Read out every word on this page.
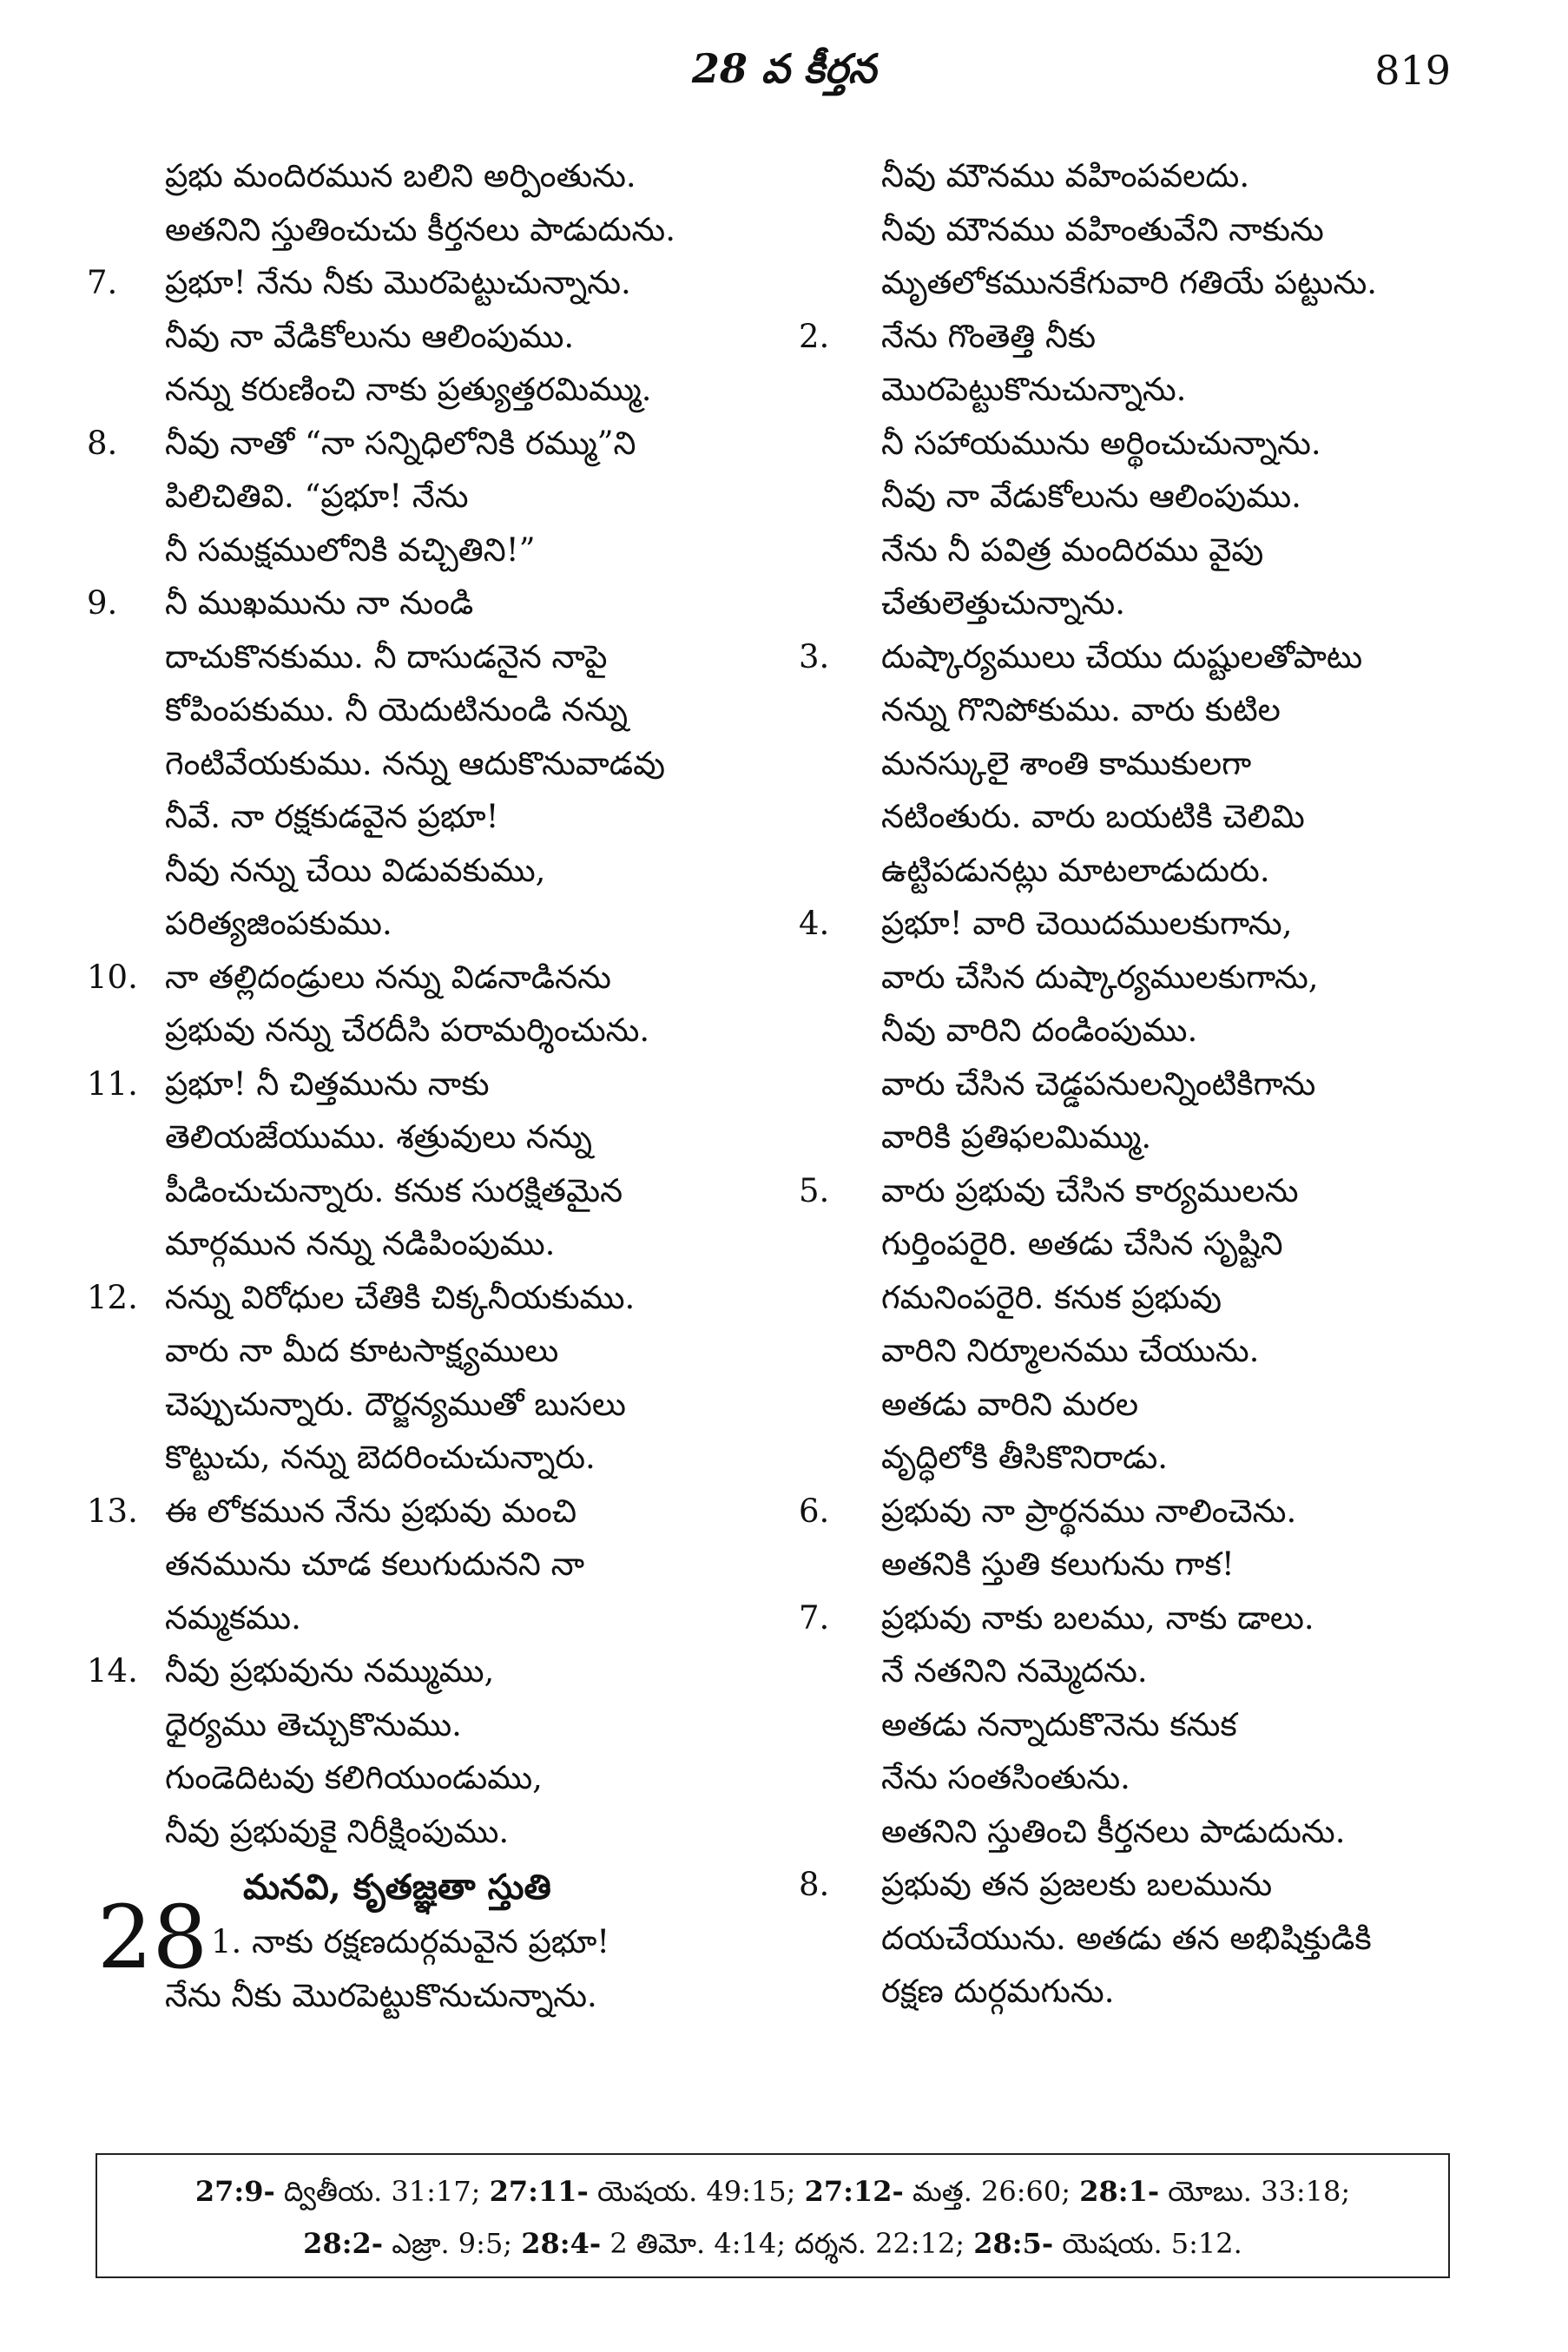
28 వ కీర్తన	819
ప్రభు మందిరమున బలిని అర్పింతును.
అతనిని స్తుతించుచు కీర్తనలు పాడుదును.
7. ప్రభూ! నేను నీకు మొరపెట్టుచున్నాను.
నీవు నా వేడికోలును ఆలింపుము.
నన్ను కరుణించి నాకు ప్రత్యుత్తరమిమ్ము.
8. నీవు నాతో “నా సన్నిధిలోనికి రమ్ము”ని
పిలిచితివి. “ప్రభూ! నేను
నీ సమక్షములోనికి వచ్చితిని!”
9. నీ ముఖమును నా నుండి
దాచుకొనకుము. నీ దాసుడనైన నాపై
కోపింపకుము. నీ యెదుటినుండి నన్ను
గెంటివేయకుము. నన్ను ఆదుకొనువాడవు
నీవే. నా రక్షకుడవైన ప్రభూ!
నీవు నన్ను చేయి విడువకుము,
పరిత్యజింపకుము.
10. నా తల్లిదండ్రులు నన్ను విడనాడినను
ప్రభువు నన్ను చేరదీసి పరామర్శించును.
11. ప్రభూ! నీ చిత్తమును నాకు
తెలియజేయుము. శత్రువులు నన్ను
పీడించుచున్నారు. కనుక సురక్షితమైన
మార్గమున నన్ను నడిపింపుము.
12. నన్ను విరోధుల చేతికి చిక్కనీయకుము.
వారు నా మీద కూటసాక్ష్యములు
చెప్పుచున్నారు. దౌర్జన్యముతో బుసలు
కొట్టుచు, నన్ను బెదరించుచున్నారు.
13. ఈ లోకమున నేను ప్రభువు మంచి
తనమును చూడ కలుగుదునని నా
నమ్మకము.
14. నీవు ప్రభువును నమ్ముము,
ధైర్యము తెచ్చుకొనుము.
గుండెదిటవు కలిగియుండుము,
నీవు ప్రభువుకై నిరీక్షింపుము.
28 మనవి, కృతజ్ఞతా స్తుతి
1. నాకు రక్షణదుర్గమవైన ప్రభూ!
నేను నీకు మొరపెట్టుకొనుచున్నాను.
నీవు మౌనము వహింపవలదు.
నీవు మౌనము వహింతువేని నాకును
మృతలోకమునకేగువారి గతియే పట్టును.
2. నేను గొంతెత్తి నీకు
మొరపెట్టుకొనుచున్నాను.
నీ సహాయమును అర్థించుచున్నాను.
నీవు నా వేడుకోలును ఆలింపుము.
నేను నీ పవిత్ర మందిరము వైపు
చేతులెత్తుచున్నాను.
3. దుష్కార్యములు చేయు దుష్టులతోపాటు
నన్ను గొనిపోకుము. వారు కుటిల
మనస్కులై శాంతి కాముకులగా
నటింతురు. వారు బయటికి చెలిమి
ఉట్టిపడునట్లు మాటలాడుదురు.
4. ప్రభూ! వారి చెయిదములకుగాను,
వారు చేసిన దుష్కార్యములకుగాను,
నీవు వారిని దండింపుము.
వారు చేసిన చెడ్డపనులన్నింటికిగాను
వారికి ప్రతిఫలమిమ్ము.
5. వారు ప్రభువు చేసిన కార్యములను
గుర్తింపరైరి. అతడు చేసిన సృష్టిని
గమనింపరైరి. కనుక ప్రభువు
వారిని నిర్మూలనము చేయును.
అతడు వారిని మరల
వృద్ధిలోకి తీసికొనిరాడు.
6. ప్రభువు నా ప్రార్థనము నాలించెను.
అతనికి స్తుతి కలుగును గాక!
7. ప్రభువు నాకు బలము, నాకు డాలు.
నే నతనిని నమ్మెదను.
అతడు నన్నాదుకొనెను కనుక
నేను సంతసింతును.
అతనిని స్తుతించి కీర్తనలు పాడుదును.
8. ప్రభువు తన ప్రజలకు బలమును
దయచేయును. అతడు తన అభిషిక్తుడికి
రక్షణ దుర్గమగును.
27:9- ద్వితీయ. 31:17; 27:11- యెషయ. 49:15; 27:12- మత్త. 26:60; 28:1- యోబు. 33:18;
28:2- ఎజ్రా. 9:5; 28:4- 2 తిమో. 4:14; దర్శన. 22:12; 28:5- యెషయ. 5:12.
